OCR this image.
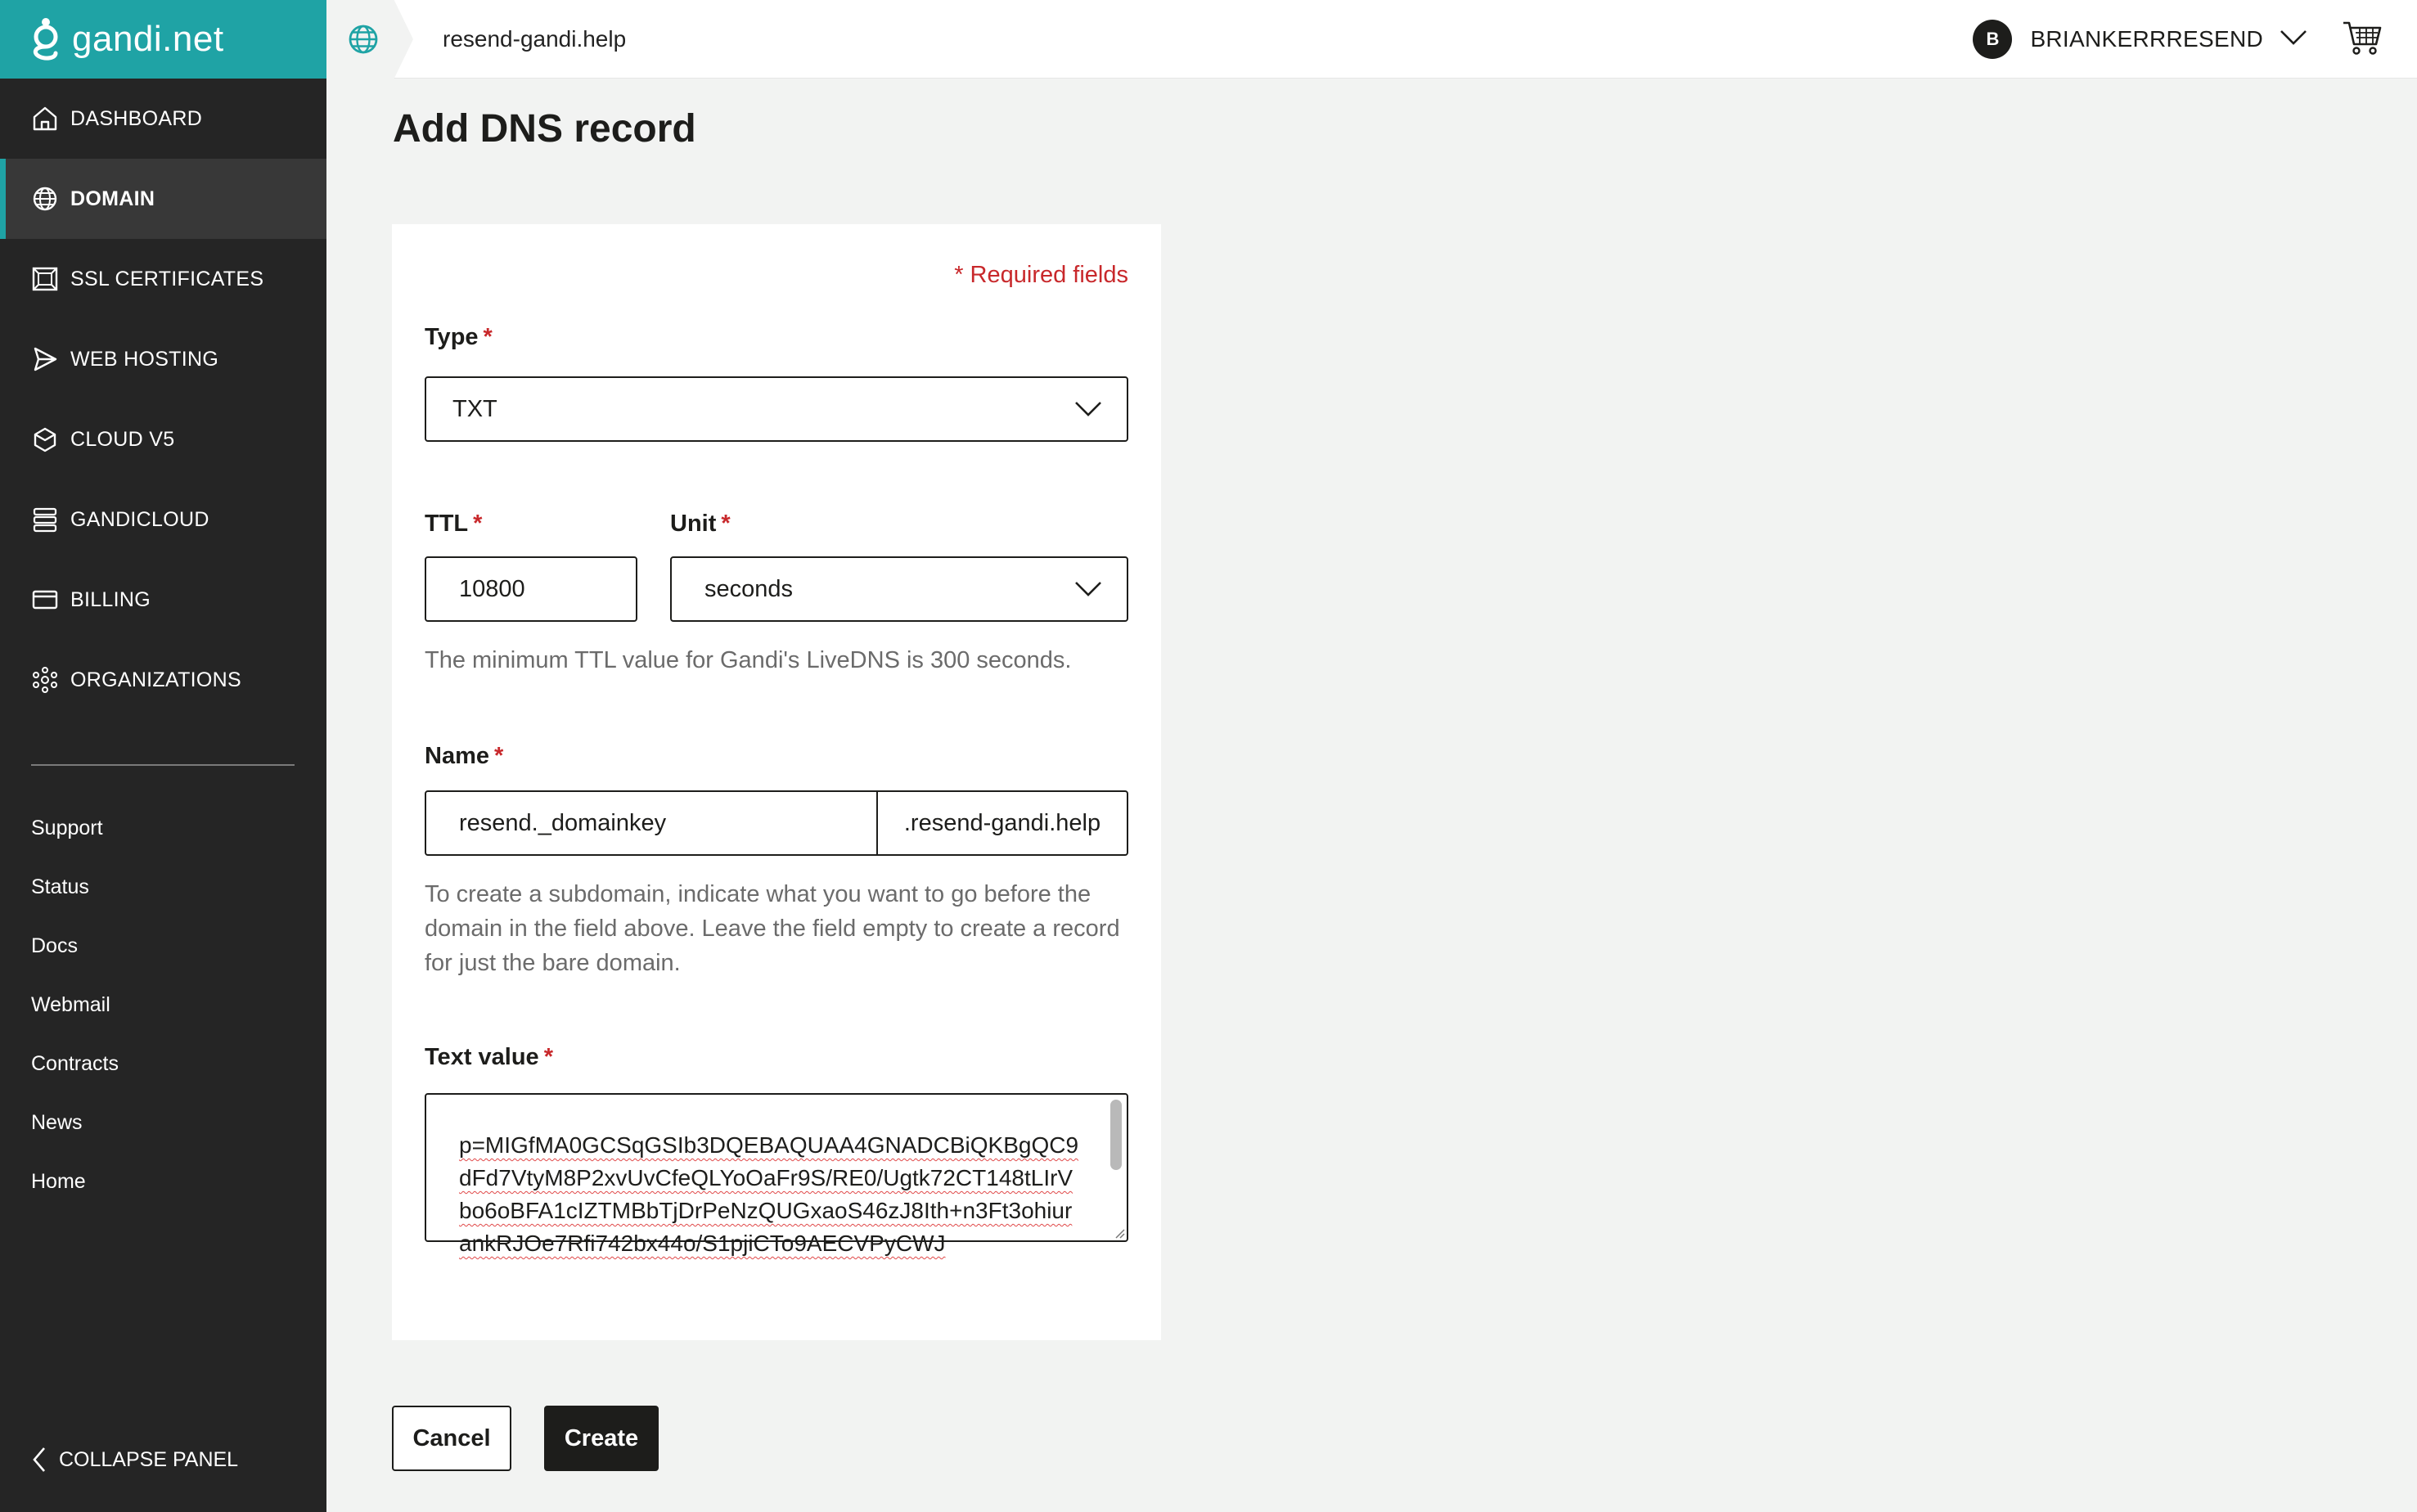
gandi.net
DASHBOARD
DOMAIN
SSL CERTIFICATES
WEB HOSTING
CLOUD V5
GANDICLOUD
BILLING
ORGANIZATIONS
Support
Status
Docs
Webmail
Contracts
News
Home
COLLAPSE PANEL
resend-gandi.help	B	BRIANKERRRESEND
Add DNS record
* Required fields
Type *
TXT
TTL *	Unit *
10800	seconds
The minimum TTL value for Gandi's LiveDNS is 300 seconds.
Name *
resend._domainkey	.resend-gandi.help
To create a subdomain, indicate what you want to go before the domain in the field above. Leave the field empty to create a record for just the bare domain.
Text value *
p=MIGfMA0GCSqGSIb3DQEBAQUAA4GNADCBiQKBgQC9dFd7VtyM8P2xvUvCfeQLYoOaFr9S/RE0/Ugtk72CT148tLIrVbo6oBFA1cIZTMBbTjDrPeNzQUGxaoS46zJ8Ith+n3Ft3ohiurankRJOe7Rfi742bx44o/S1pjiCTo9AECVPyCWJ
Cancel	Create
